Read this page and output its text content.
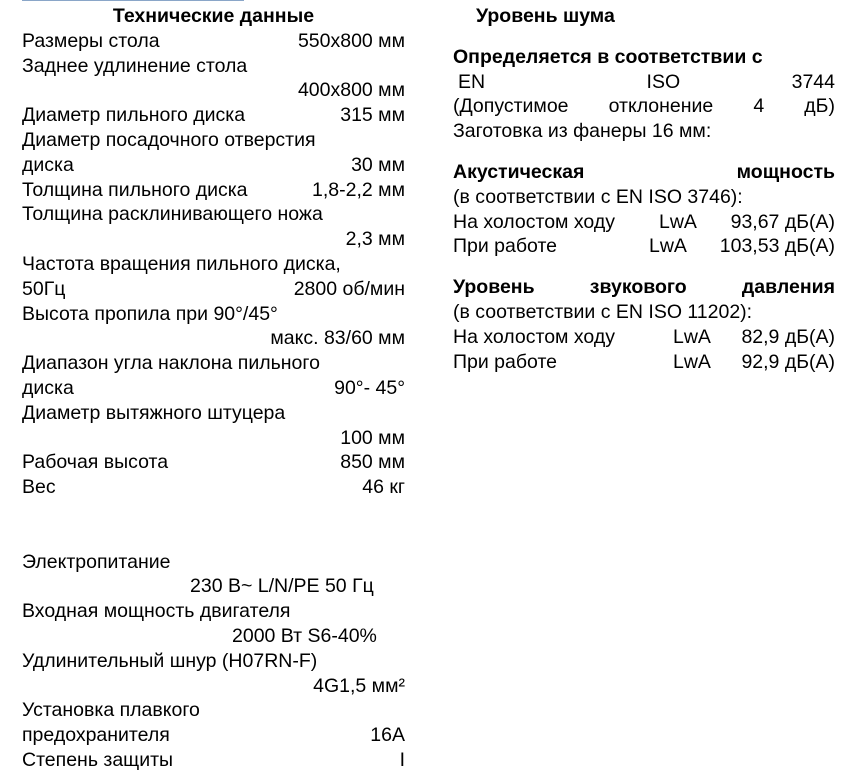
Технические данные
Размеры стола	550x800 мм
Заднее удлинение стола
400x800 мм
Диаметр пильного диска	315 мм
Диаметр посадочного отверстия
диска	30 мм
Толщина пильного диска	1,8-2,2 мм
Толщина расклинивающего ножа
2,3 мм
Частота вращения пильного диска,
50Гц	2800 об/мин
Высота пропила при 90°/45°
макс. 83/60 мм
Диапазон угла наклона пильного
диска	90°- 45°
Диаметр вытяжного штуцера
100 мм
Рабочая высота	850 мм
Вес	46 кг
Электропитание
230 В~ L/N/PE 50 Гц
Входная мощность двигателя
2000 Вт S6-40%
Удлинительный шнур (H07RN-F)
4G1,5 мм²
Установка плавкого
предохранителя	16A
Степень защиты	I
Уровень шума
Определяется в соответствии с
EN	ISO	3744
(Допустимое отклонение 4 дБ)
Заготовка из фанеры 16 мм:
Акустическая	мощность
(в соответствии с EN ISO 3746):
На холостом ходу	LwA	93,67 дБ(A)
При работе	LwA	103,53 дБ(A)
Уровень	звукового	давления
(в соответствии с EN ISO 11202):
На холостом ходу	LwA	82,9 дБ(A)
При работе	LwA	92,9 дБ(A)
